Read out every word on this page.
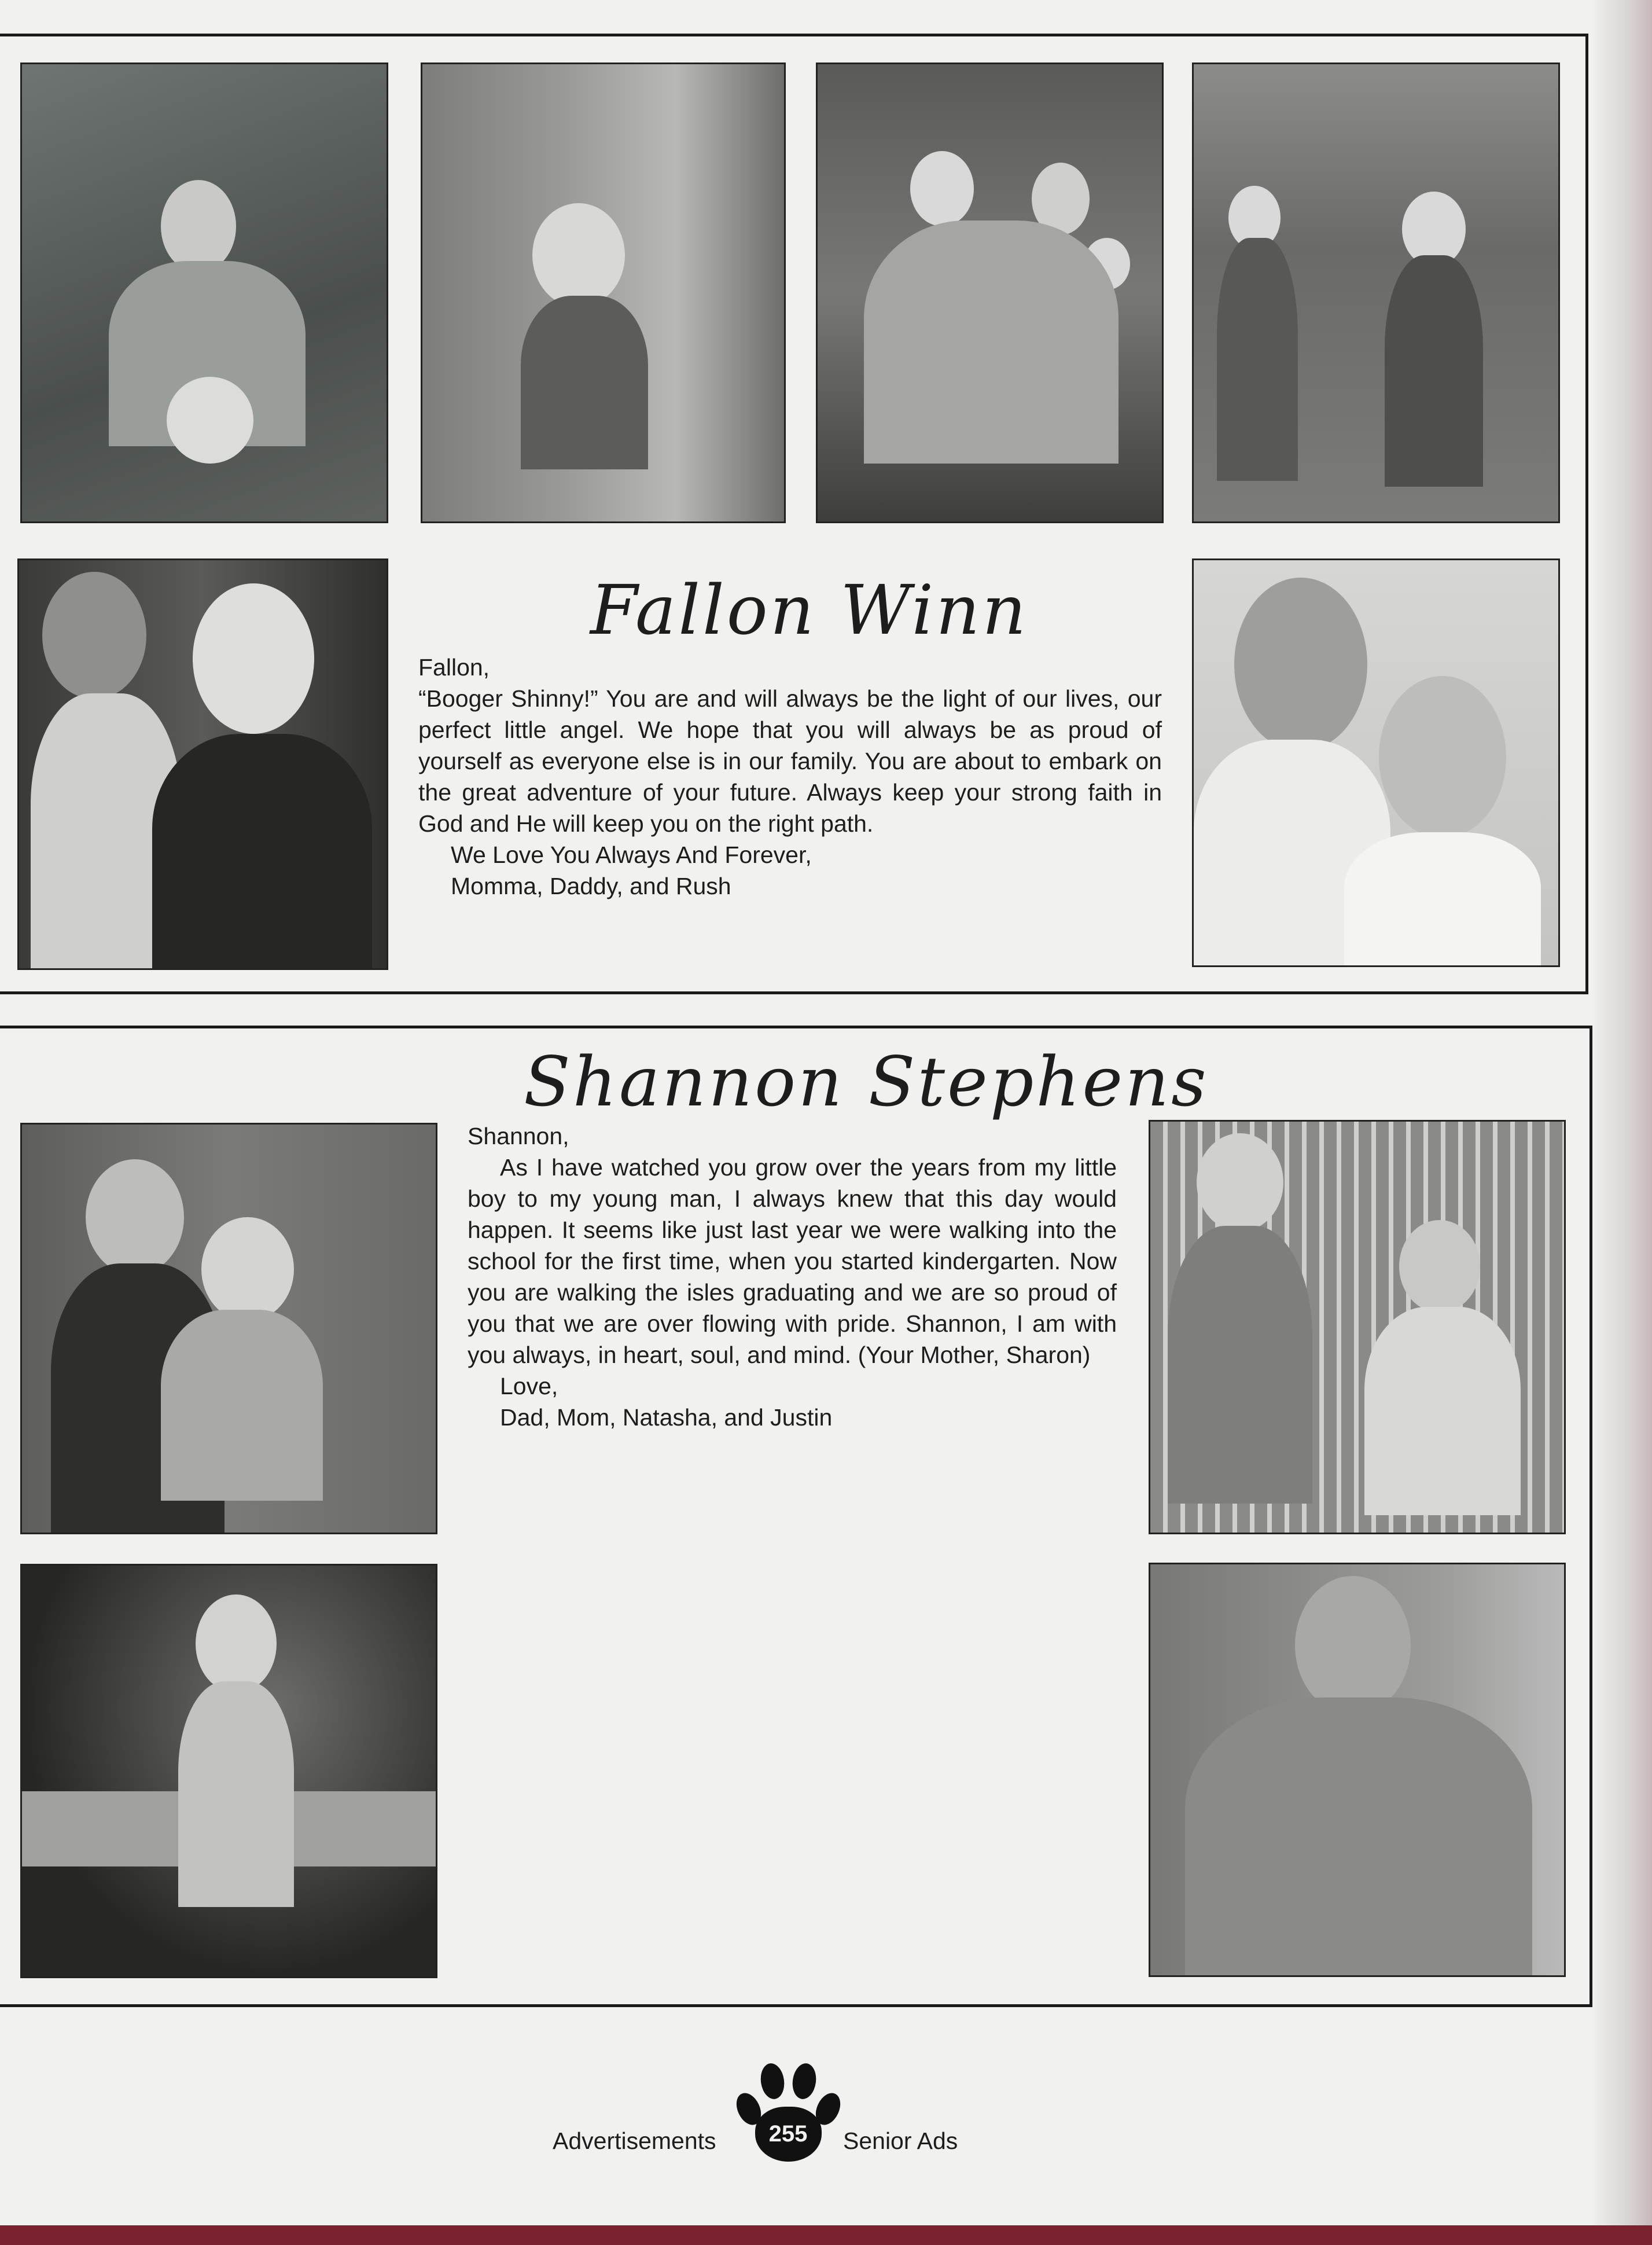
Fallon Winn

Fallon,

“Booger Shinny!” You are and will always be the light of our lives, our perfect little angel. We hope that you will always be as proud of yourself as everyone else is in our family. You are about to embark on the great adventure of your future. Always keep your strong faith in God and He will keep you on the right path.

We Love You Always And Forever,

Momma, Daddy, and Rush

Shannon Stephens

Shannon,

As I have watched you grow over the years from my little boy to my young man, I always knew that this day would happen. It seems like just last year we were walking into the school for the first time, when you started kindergarten. Now you are walking the isles graduating and we are so proud of you that we are over flowing with pride. Shannon, I am with you always, in heart, soul, and mind. (Your Mother, Sharon)

Love,

Dad, Mom, Natasha, and Justin

Advertisements	255	Senior Ads
